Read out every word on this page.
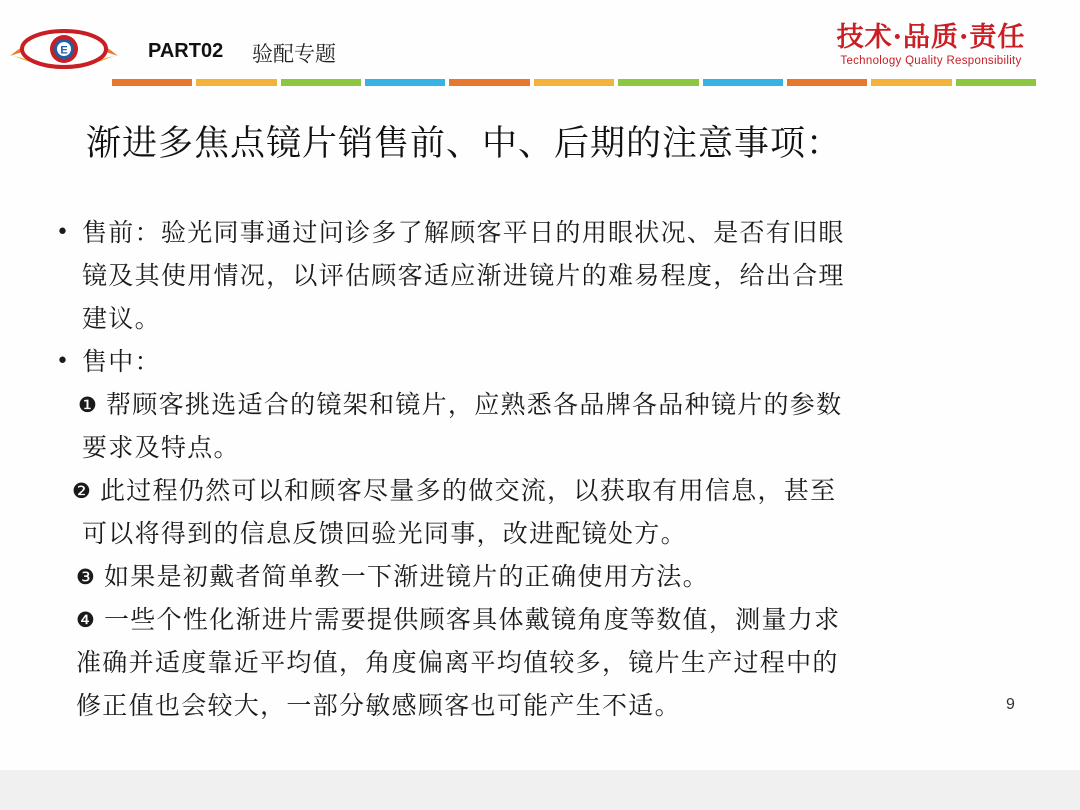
E	PART02 验配专题
技术·品质·责任
Technology Quality Responsibility
渐进多焦点镜片销售前、中、后期的注意事项：
• 售前：验光同事通过问诊多了解顾客平日的用眼状况、是否有旧眼
镜及其使用情况，以评估顾客适应渐进镜片的难易程度，给出合理
建议。
• 售中：
❶ 帮顾客挑选适合的镜架和镜片，应熟悉各品牌各品种镜片的参数
要求及特点。
❷ 此过程仍然可以和顾客尽量多的做交流，以获取有用信息，甚至
可以将得到的信息反馈回验光同事，改进配镜处方。
❸ 如果是初戴者简单教一下渐进镜片的正确使用方法。
❹ 一些个性化渐进片需要提供顾客具体戴镜角度等数值，测量力求
准确并适度靠近平均值，角度偏离平均值较多，镜片生产过程中的
修正值也会较大，一部分敏感顾客也可能产生不适。	9
